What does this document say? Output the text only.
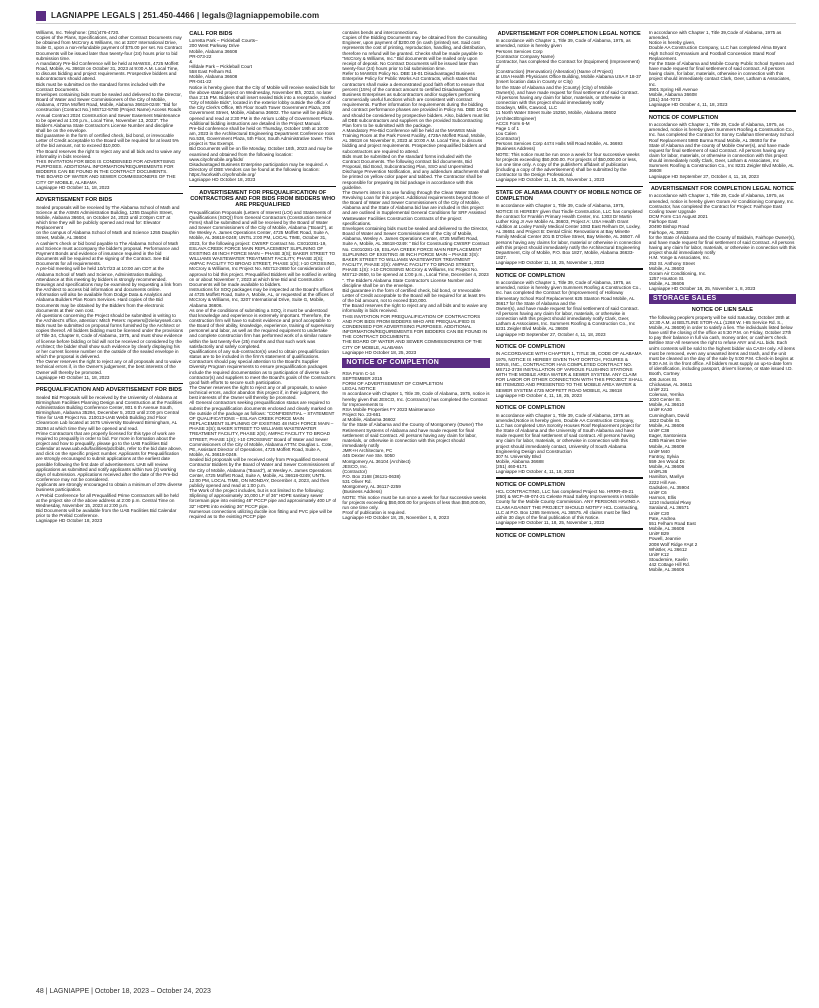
LAGNIAPPE LEGALS | 251.450-4466 | legals@lagniappemobile.com

Williams, Inc. Telephone: (251)476-4720.
Copies of the Plans, Specifications, and other Contract Documents may be obtained from McCrory & Williams, Inc at 3207 International Drive, Suite G, upon a non-refundable payment of $75.00 per set. No Contract Documents will be issued later than twenty-four (24) hours prior to bid submission time.
A mandatory Pre-bid Conference will be held at MAWSS, 4725 Moffett Road, Mobile, AL 36618 on October 31, 2023 at 9:00 A.M. Local Time, to discuss bidding and project requirements. Prospective bidders and subcontractors should attend.
Bids must be submitted on the standard forms included with the Contract Documents.
Envelopes containing bids must be sealed and delivered to the Director, Board of Water and Sewer Commissioners of the City of Mobile, Alabama, 4725A Moffett Road, Mobile, Alabama 36618-0249: "Bid for construction (Contract No.) MS712-5780 (Project Name) Access Roads Annual Contract 2024 Construction and Sewer Easement Maintenance to be opened at 1:00 p.m., Local Time, November 13, 2023". The Bidder's Alabama State Contractor's License Number and discipline shall be on the envelope.
Bid guarantee in the form of certified check, bid bond, or irrevocable Letter of Credit acceptable to the Board will be required for at least 5% of the bid amount, not to exceed $10,000.
The Board reserves the right to reject any and all bids and to waive any informality in bids received.
THIS INVITATION FOR BIDS IS CONDENSED FOR ADVERTISING PURPOSES. ADDITIONAL INFORMATION/REQUIREMENTS FOR BIDDERS CAN BE FOUND IN THE CONTRACT DOCUMENTS.
THE BOARD OF WATER AND SEWER COMMISSIONERS OF THE CITY OF MOBILE, ALABAMA

Lagniappe HD October 11, 18, 2023

ADVERTISEMENT FOR BIDS

Sealed proposals will be received by The Alabama School of Math and Science at the ASMS Administration Building, 1255 Dauphin Street, Mobile, Alabama 36604, on October 24, 2023 until 2:00pm CST at which time they will be publicly opened and read for: Elevator Replacement
on the campus of Alabama School of Math and Science 1255 Dauphin Street, Mobile, AL 36604
A cashier's check or bid bond payable to The Alabama School of Math and Science must accompany the bidder's proposal. Performance and Payment Bonds and evidence of insurance required in the bid documents will be required at the signing of the Contract. See Bid Documents for all requirements.
A pre-bid meeting will be held 10/17/23 at 10:00 am CDT at the Alabama School of Math and Science, Administration Building. Attendance at this meeting by bidders is strongly recommended.
Drawings and specifications may be examined by requesting a link from the Architect to access bid information and documents online. Information will also be available from Dodge Data & Analytics and Alabama Builders Plan Room Services. Hard copies of the Bid Documents may be obtained by the Bidders from the electronic documents at their own cost.
All questions concerning the Project should be submitted in writing to the Architect's office, attention: Mitch Peters: mpeters@zieluryssell.com.
Bids must be submitted on proposal forms furnished by the Architect or copies thereof. All bidders bidding must be licensed under the provisions of Title 34, Chapter 8, Code of Alabama, 1975, and must show evidence of license before bidding or bid will not be received or considered by the Architect; the bidder shall show such evidence by clearly displaying his or her current license number on the outside of the sealed envelope in which the proposal is delivered.
The Owner reserves the right to reject any or all proposals and to waive technical errors if, in the Owner's judgement, the best interests of the Owner will thereby be promoted.

Lagniappe HD October 11, 18, 2023

PREQUALIFICATION AND ADVERTISEMENT FOR BIDS

Sealed Bid Proposals will be received by the University of Alabama at Birmingham Facilities Planning Design and Construction at the Facilities Administration Building Conference Center, 801 6 th Avenue South, Birmingham, Alabama 35294, December 5, 2023 until 2:00 pm Central Time for UAB Project No. 210013-UAB Webb Building 2nd Floor Cleanroom Lab located at 1675 University Boulevard Birmingham, AL 35294 at which time they will be opened and read.
Prime Contractors that are properly licensed for this type of work are required to prequalify in order to bid. For more in formation about the project and how to prequalify, please go to the UAB Facilities Bid Calendar at www.uab.edu/facilities/pdc/bids, refer to the bid date above, and click on the specific project number. Applicants for Prequalification are strongly encouraged to submit applications at the earliest date possible following the first date of advertisement. UAB will review applications as submitted and notify applicants within two (2) working days of submission. Applications received after the date of the Pre-bid Conference may not be considered.
Applicants are strongly encouraged to obtain a minimum of 20% diverse business participation.
A Prebid Conference for all Prequalified Prime Contractors will be held at the project site of the above address at 2:00 p.m. Central Time on Wednesday, November 15, 2023 at 2:00 p.m.
Bid Documents will be available from the UAB Facilities Bid Calendar prior to the Prebid Conference.

Lagniappe HD October 18, 2023

CALL FOR BIDS

Lorretta Park – Pickleball Courts–
200 West Parkway Drive
Mobile, Alabama 36608
PR-073-22
&
Hilldale Park – Pickleball Court
558 East Felham Rd.
Mobile, Alabama 36608
PR-041-22
Notice is hereby given that the City of Mobile will receive sealed bids for the above stated project on Wednesday, November 8th, 2023, no later than 2:15 PM. Bidders shall insert sealed Bids into a receptacle, marked "City of Mobile Bids", located in the exterior lobby outside the office of the City Clerk's Office, 9th Floor South Tower Government Plaza, 205 Government Street, Mobile, Alabama 36602. The same will be publicly opened and read at 2:30 PM in the Atrium Lobby of Government Plaza. Additional bidding instructions are detailed in the Project Manual.
Pre-bid conference shall be held on Thursday, October 19th at 10:00 am, 2023 in the Architectural Engineering Department Conference room No.538, Government Plaza, 5th Floor, South Administrative tower. This project is Tax Exempt.
Bid Documents will be on file Monday, October 16th, 2023 and may be examined and obtained from the following location:
www.cityofmobile.org/bids/
Disadvantaged Business Enterprise participation may be required. A Directory of DBE Vendors can be found at the following location:
https://workwith.cityofmobile.org/

Lagniappe HD October 18, 2023

ADVERTISEMENT FOR PREQUALIFICATION OF CONTRACTORS AND FOR BIDS FROM BIDDERS WHO ARE PREQUALIFIED

Prequalification Proposals (Letters of Interest (LOI) and Statements of Qualifications (SOQ)) from General Contractors (Construction Service Firms) shall be submitted and will be received by the Board of Water and Sewer Commissioners of the City of Mobile, Alabama ("Board"), at the Wesley A. James Operations Center, 4725 Moffett Road, Suite A, Mobile, AL 36618-0249; UNTIL 2:00 PM, LOCAL TIME, October 31, 2023, for the following project: CWSRF Contract No. CS010281-19, ESLAVA CREEK FORCE MAIN REPLACEMENT SLIPLINING OF EXISTING 48 INCH FORCE MAIN – PHASE 3(S); BAKER STREET TO WILLIAMS WASTEWATER TREATMENT FACILITY, PHASE 2(S); AMPAC FACILITY TO BROAD STREET, PHASE 1(S); I-10 CROSSING, McCrory & Williams, Inc Project No. MS712-2650 for consideration of approval to bid this project. Prequalified Bidders will be notified in writing on or about November 7, 2023 at which time Bid and Construction Documents will be made available to bidders.
Instructions for SOQ packages may be inspected at the Board's offices at 4725 Moffett Road, Suite A, Mobile, AL, or requested at the offices of McCrory & Williams, Inc, 3207 International Drive, Suite G, Mobile, Alabama 36606.
As one of the conditions of submitting a SOQ, it must be understood that knowledge and experience is extremely important. Therefore, the construction firm will have to submit evidence and proof acceptable to the Board of their ability, knowledge, experience, training of supervisory personnel and labor, as well as the required equipment to undertake and complete construction firm has performed work of a similar nature within the last twenty-five (25) months and that such work was satisfactorily and safely completed.
Qualifications of any sub-contractor(s) used to obtain prequalification status are to be included in the firm's statement of qualifications. Contractors should pay special attention to the Board's Supplier Diversity Program requirements to ensure prequalification packages include the required documentation as to participation of diverse sub-contractor(s) and suppliers to meet the Board's goals of the Contractor's good faith efforts to secure such participation.
The Owner reserves the right to reject any or all proposals, to waive technical errors, and/or abandon this project if, in their judgment, the best interests of the Owner will thereby be promoted.
All General contractors seeking prequalification status are required to submit the prequalification documents enclosed and clearly marked on the outside of the package as follows: "CONFIDENTIAL – STATEMENT OF QUALIFICATIONS – ESLAVA CREEK FORCE MAIN REPLACEMENT SLIPLINING OF EXISTING 48 INCH FORCE MAIN – PHASE 3(S); BAKER STREET TO WILLIAMS WASTEWATER TREATMENT FACILITY, PHASE 2(S); AMPAC FACILITY TO BROAD STREET, PHASE 1(S); I-10 CROSSING" Board of Water and Sewer Commissioners of the City of Mobile, Alabama ATTN: Douglas L. Cote, PE, Assistant Director of Operations, 4725 Moffett Road, Suite A, Mobile, AL 36618-0249.
Sealed bid proposals will be received only from Prequalified General Contractor Bidders by the Board of Water and Sewer Commissioners of the City of Mobile, Alabama ("Board"), at Wesley A. James Operations Center, 4725 Moffett Road, Suite A, Mobile, AL 36618-0249; UNTIL 12:00 PM, LOCAL TIME, ON MONDAY, December 4, 2023, and then publicly opened and read at 1:00 p.m.
The Work of the project includes, but is not limited to the following:
Sliplining of approximately 10,000 LF of 36" HDPE sanitary sewer forcemain pipe into existing 48" PCCP pipe and approximately 400 LF of 32" HDPE into existing 36" PCCP pipe.
Numerous connections utilizing ductile iron fitting and PVC pipe will be required as to the existing PCCP pipe

contains bends and interconnections.
Copies of the Bidding Documents may be obtained from the Consulting Engineer, upon payment of $200.00 (in cash (printed) set. Said cost represents the cost of printing, reproduction, handling, and distribution, therefore no refund will be granted. Checks shall be made payable to "McCrory & Williams, Inc." Bid documents will be mailed only upon receipt of deposit. No Contract Documents will be issued later than twenty-four (24) hours prior to bid submission time.
Refer to MAWSS Policy No. DBE 16-01 Disadvantaged Business Enterprise Policy for Public Works Act Contracts, which states that contractors shall make a demonstrated good faith effort to ensure that percent (15%) of the contract amount to certified Disadvantaged Business Enterprises as subcontractors and/or suppliers performing commercially useful functions which are consistent with contract requirements. Further information for requirements during the bidding and contract performance phases are provided in Policy No. DBE 16-01 and should be considered by prospective bidders. Also, bidders must list all DBE subcontractors and suppliers on the provided Subcontracting Plan form to be submitted with the package.
A Mandatory Pre-Bid Conference will be held at the MAWSS Main Training Room at the Park Forest Facility, 4725A Moffett Road, Mobile, AL 36618 on November 8, 2023 at 10:00 A.M. Local Time, to discuss bidding and project requirements. Prospective prequalified bidders and subcontractors are required to attend.
Bids must be submitted on the standard forms included with the Contract Documents. The following contract bid documents, Bid Proposal, Bid Bond, Subcontracting Plan, SSO and Unpermitted Discharge Prevention Notification, and any addendum attachments shall be printed on yellow color paper and tabbed. The Contractor shall be responsible for preparing its bid package in accordance with this guideline.
The Owner's intent is to use funding through the Clean Water State Revolving Loan for this project. Additional requirements beyond those of the Board of Water and Sewer Commissioners of the City of Mobile, Alabama and the State of Alabama bid law are included in this project and are outlined in Supplemental General Conditions for SRF Assisted Wastewater Facilities Construction Contracts of the project specifications.
Envelopes containing bids must be sealed and delivered to the Director, Board of Water and Sewer Commissioners of the City of Mobile, Alabama, Wesley A. James Operations Center, 4725 Moffett Road, Suite A, Mobile, AL 36618-0249: " Bid for Constructing CWSRF Contract No. CS010281-19, ESLAVA CREEK FORCE MAIN REPLACEMENT SLIPLINING OF EXISTING 48 INCH FORCE MAIN – PHASE 3(S): BAKER STREET TO WILLIAMS WASTEWATER TREATMENT FACILITY, PHASE 2(S): AMPAC FACILITY TO BROAD STREET, PHASE 1(S): I-10 CROSSING McCrory & Williams, Inc Project No. MS712-2650, to be opened at 1:00 p.m., Local Time, December 4, 2023 ". The Bidder's Alabama State Contractor's License Number and discipline shall be on the envelope.
Bid guarantee in the form of certified check, bid bond, or Irrevocable Letter of Credit acceptable to the Board will be required for at least 5% of the bid amount, not to exceed $10,000.
The Board reserves the right to reject any and all bids and to waive any informality in bids received.
THIS INVITATION FOR PREQUALIFICATION OF CONTRACTORS AND FOR BIDS FROM BIDDERS WHO ARE PREQUALIFIED IS CONDENSED FOR ADVERTISING PURPOSES. ADDITIONAL INFORMATION/REQUIREMENTS FOR BIDDERS CAN BE FOUND IN THE CONTRACT DOCUMENTS.
THE BOARD OF WATER AND SEWER COMMISSIONERS OF THE CITY OF MOBILE, ALABAMA

Lagniappe HD October 18, 25, 2023

NOTICE OF COMPLETION

RSA Form C-14
SEPTEMBER 2015
FORM OF ADVERTISEMENT OF COMPLETION
LEGAL NOTICE
In accordance with Chapter 1, Title 39, Code of Alabama, 1975, notice is hereby given that JESCO, Inc. (Contractor) has completed the Contract for Improvements to
RSA Mobile Properties FY 2023 Maintenance
Project No. 23-661
at Mobile, Alabama 36602
for the State of Alabama and the County of Montgomery (Owner) The Retirement Systems of Alabama and have made request for final settlement of said Contract. All persons having any claim for labor, materials, or otherwise in connection with this project should immediately notify
JMR+H Architecture, PC
445 Dexter Ave Ste. 5050
Montgomery,AL 36104 (Architect)
JESCO, Inc.
(Contractor)
P.O. Box 2168 (36121-0638)
531 Oliver Rd.
Montgomery, AL 36117-2259
(Business Address)
NOTE: This notice must be run once a week for four successive weeks for projects exceeding $50,000.00 for projects of less than $50,000.00, run one time only.
Proof of publication is required.

Lagniappe HD October 18, 25, November 1, 8, 2023

ADVERTISEMENT FOR COMPLETION LEGAL NOTICE

In accordance with Chapter 1, Title 39, Code of Alabama, 1975, as amended, notice is hereby given
Persons Services Corp
(Contractor Company Name)
Contractor, has completed the Contract for (Equipment) (Improvement) of
(Construction) (Renovation) (Alteration) (Name of Project)
at USA Health Physicians Office Building, Mobile Alabama USA # 18-37
(Insert location data in County or City)
for the State of Alabama and the (County) (City) of Mobile
Owner(s), and have made request for final settlement of said Contract. All persons having any claim for labor, materials, or otherwise in connection with this project should immediately notify
Goodwyn, Mills, Cawood, LLC
11 North Water Street Suite 15250, Mobile, Alabama 36602
(Architect/Engineer)
ACCS Form 6-M
Page 1 of 1
Lou Calen
(Contractor)
Persons Services Corp 4474 Halls Mill Road Mobile, AL 36693
(Business Address)
NOTE: This notice must be run once a week for four successive weeks for projects exceeding $50,000.00. For projects of $50,000.00 or less, run one time only. A copy of the publisher's affidavit of publication (including a copy of the advertisement) shall be submitted by the Contractor to the Design Professional.

Lagniappe HD October 11, 18, 25, November 1, 2023

STATE OF ALABAMA COUNTY OF MOBILE NOTICE OF COMPLETION

In accordance with Chapter 1, Title 39, Code of Alabama, 1975, NOTICE IS HEREBY given that Tindle Construction, LLC has completed the contract for Franklin Primary Health Center, Inc. 1303 Dr Martin Luther King Jr Ave Mobile AL 36603, Project A: USA Health Grant Addition at Loxley Family Medical Center 1083 East Relham Dr, Loxley, AL 36651 and Project B: Dental Clinic Renovations at Bay Minette Family Medical Center 201 B D'Olive Street, Bay Minette, AL 36507. All persons having any claims for labor, material or otherwise in connection with this project should immediately notify the Architectural Engineering Department, City of Mobile, P.O. Box 1827, Mobile, Alabama 36633-1827.

Lagniappe HD October 11, 18, 25, November 1, 2023

NOTICE OF COMPLETION

In accordance with Chapter 1, Title 39, Code of Alabama, 1975, as amended, notice is hereby given Summers Roofing & Construction Co., Inc. has completed the Contract for (Improvement) of Holloway Elementary School Roof Replacement 625 Stanton Road Mobile, AL 36617 for the State of Alabama and the
Owner(s), and have made request for final settlement of said Contract. All persons having any claim for labor, materials, or otherwise in connection with this project should immediately notify Clark, Geer, Latham & Associates, Inc. Summers Roofing & Construction Co., Inc 8231 Zeigler Blvd Mobile, AL 36608

Lagniappe HD September 27, October 4, 11, 18, 2023

NOTICE OF COMPLETION

IN ACCORDANCE WITH CHAPTER 1, TITLE 39, CODE OF ALABAMA 1975, NOTICE IS HEREBY GIVEN THAT DORTCH, FIGURES & SONS, INC., CONTRACTOR HAS COMPLETED CONTRACT NO. MS712-3738 INSTALLATION OF VARIOUS FLUSHING STATIONS WITH THE MOBILE AREA WATER & SEWER SYSTEM. ANY CLAIM FOR LABOR OR OTHER CONNECTION WITH THIS PROJECT SHALL BE ITEMIZED AND PRESENTED TO THE MOBILE AREA WATER & SEWER SYSTEM 4725 MOFFETT ROAD MOBILE, AL 36618

Lagniappe HD October 4, 11, 18, 25, 2023

NOTICE OF COMPLETION

In accordance with Chapter 1, Title 39, Code of Alabama, 1975 as amended,Notice is hereby given, Double AA Construction Company, LLC has completed USA Sorority Houses Roof Replacement project for the State of Alabama and the University of South Alabama and have made request for final settlement of said contract. All persons having any claim for labor, materials, or otherwise in connection with this project should immediately contact, University of South Alabama Engineering Design and Construction
307 N. University Blvd
Mobile, Alabama 36688
(251) 460-6171

Lagniappe HD October 4, 11, 18, 2023

NOTICE OF COMPLETION

HCL CONTRACTING, LLC has completed Project No. HRRR-49-21 (250) & WCP-49-074-21 Celeste Road Safety Improvements in Mobile County for the Mobile County Commission. ANY PERSONS HAVING A CLAIM AGAINST THE PROJECT SHOULD NOTIFY HCL Contracting, LLC at P.O. Box 1265 Semmes, AL 36575. All claims must be filed within 30 days of the final publication of this Notice.

Lagniappe HD October 11, 18, 25, November 1, 2023

NOTICE OF COMPLETION

In accordance with Chapter 1, Title 39,Code of Alabama, 1975 as amended,
Notice is hereby given,
Double AA Construction Company, LLC has completed Alma Bryant High School Gymnasium and Football Concession Stand Roof Replacement.
For the State of Alabama and Mobile County Public School System and have made request for final settlement of said contract. All persons having claim, for labor, materials, otherwise in connection with this project should immediately contact Clark, Geer, Latham & Associates, Inc.
3901 Spring Hill Avenue
Mobile, Alabama 36608
(251) 344-7073

Lagniappe HD October 4, 11, 18, 2023

NOTICE OF COMPLETION

In accordance with Chapter 1, Title 39, Code of Alabama, 1975, as amended, notice is hereby given Summers Roofing & Construction Co., Inc. has completed the Contract for Sonny Callahan Elementary School Roof Replacement 5980 Burma Road Mobile, AL 36693 for the
State of Alabama and the county of Mobile Owner(s), and have made request for final settlement of said Contract. All persons having any claim for labor, materials, or otherwise in connection with this project should immediately notify Clark, Geer, Latham & Associates, Inc Summers Roofing & Construction Co., Inc 8231 Zeigler Blvd Mobile, AL 36608

Lagniappe HD September 27, October 4, 11, 18, 2023

ADVERTISEMENT FOR COMPLETION LEGAL NOTICE

In accordance with Chapter 1, Title 39, Code of Alabama, 1975, as amended, notice is hereby given Goram Air Conditioning Company, Inc. Contractor, has completed the Contract for Project: Fairhope East Cooling tower Upgrade
DCM Form C14 August 2021
Fairhope East
20490 Bishop Road
Fairhope, AL 36532
for the State of Alabama and the County of Baldwin, Fairhope Owner(s), and have made request for final settlement of said Contract. All persons having any claim for labor, materials, or otherwise in connection with this project should immediately notify
H.M. Yonge & Associates, Inc.
253 St. Anthony Street
Mobile, AL 36603
Goram Air Conditioning, Inc.
1257 Houston St.
Mobile, AL 36606

Lagniappe HD October 18, 25, November 1, 8, 2023

STORAGE SALES
NOTICE OF LIEN SALE

The following people's property will be sold Saturday, October 28th at 10:30 A.M. at BELTLINE STOR-ALL (1268 W. I-65 Service Rd. S., Mobile, AL 36609) in order to satisfy a lien. The individuals listed below have until the closing of the office at 5:30 P.M. on Friday, October 27th to pay their balance in full via cash, money order, or cashier's check.
Beltline Stor-All reserves the right to refuse ANY and ALL bids. Each unit's contents will be sold to the highest bidder via CASH only. All items must be removed, even any unwanted items and trash, and the unit must be cleaned on the day of the sale by 5:00 P.M. Check-in begins at 9:30 A.M. in the front office. All bidders must supply an up-to-date form of identification, including passport, driver's license, or state issued I.D.
Booth, Cortney
406 Jurors St.
Chickasaw, AL 36611
Unit# 221
Coleman, Yerrika
1020 Center St.
Mobile, AL 36610
Unit# KA30
Cunningham, David
1822 Dublin St.
Mobile, AL 36606
Unit# C38
Eager, Santonieza
428b Raines Drive
Mobile, AL 36609
Unit# M40
Fantroy, Sylvia
559 Jen Wood Dr.
Mobile, AL 36606
Unit#L36
Hamilton, Marilyn
2222 Hill Ave.
Gadsden, AL 35904
Unit# C6
Harmon, Ellis
1210 Industrial Pkwy
Saraland, AL 36571
Unit# C20
Pate, Andrea
551 Felham Road East
Mobile, AL 36608
Unit# B29
Powell, Jeannie
2008 Wolf Ridge #Apt 2
Whistler, AL 36612
Unit# K12
Stoudemire, Kaelin
442 Cottage Hill Rd.
Mobile, AL 36606

48 | LAGNIAPPE | October 18, 2023 – October 24, 2023
